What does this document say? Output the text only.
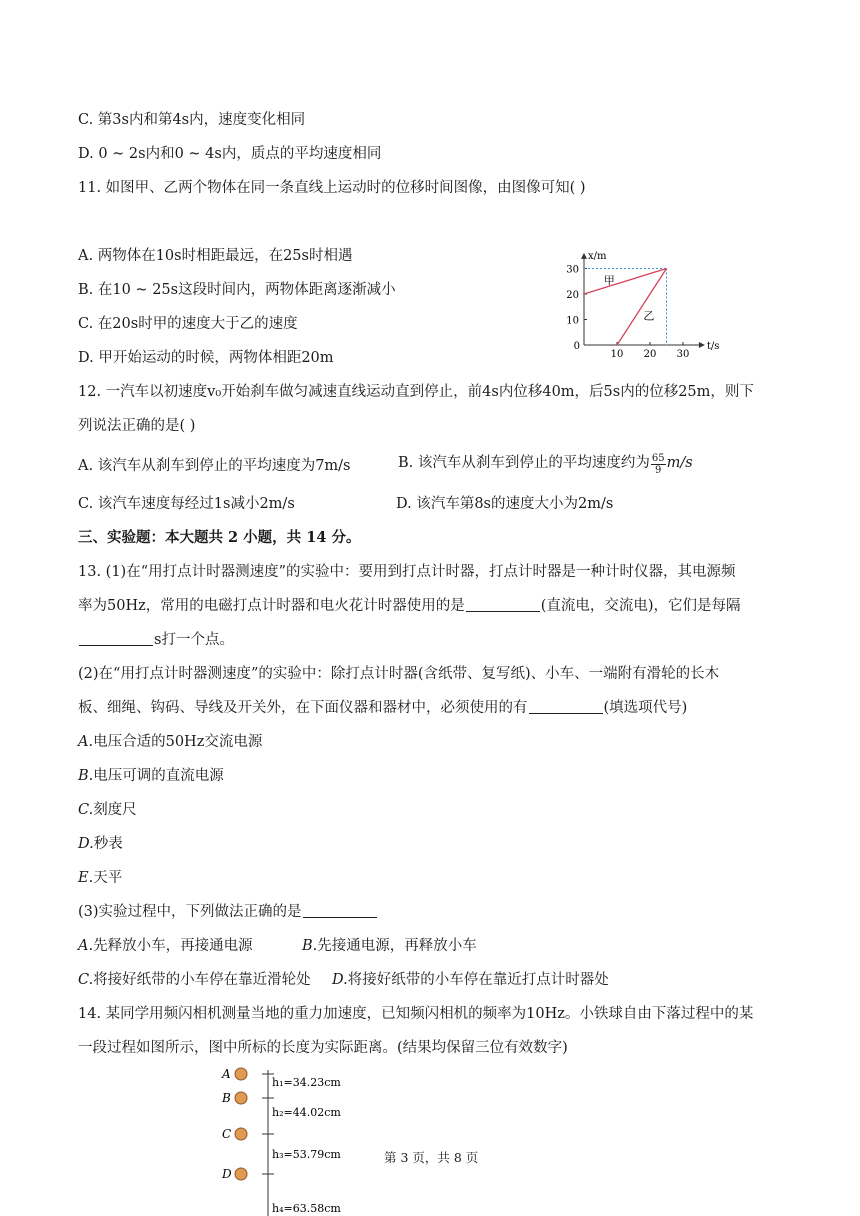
C. 第3s内和第4s内，速度变化相同
D. 0 ~ 2s内和0 ~ 4s内，质点的平均速度相同
11. 如图甲、乙两个物体在同一条直线上运动时的位移时间图像，由图像可知( )
A. 两物体在10s时相距最远，在25s时相遇
B. 在10 ~ 25s这段时间内，两物体距离逐渐减小
C. 在20s时甲的速度大于乙的速度
D. 甲开始运动的时候，两物体相距20m
12. 一汽车以初速度v₀开始刹车做匀减速直线运动直到停止，前4s内位移40m，后5s内的位移25m，则下
列说法正确的是( )
A. 该汽车从刹车到停止的平均速度为7m/s	B. 该汽车从刹车到停止的平均速度约为 $\frac{65}{9} m/s$
C. 该汽车速度每经过1s减小2m/s	D. 该汽车第8s的速度大小为2m/s
三、实验题：本大题共 2 小题，共 14 分。
13. (1)在“用打点计时器测速度”的实验中：要用到打点计时器，打点计时器是一种计时仪器，其电源频
率为50Hz，常用的电磁打点计时器和电火花计时器使用的是	(直流电，交流电)，它们是每隔
s打一个点。
(2)在“用打点计时器测速度”的实验中：除打点计时器(含纸带、复写纸)、小车、一端附有滑轮的长木
板、细绳、钩码、导线及开关外，在下面仪器和器材中，必须使用的有	(填选项代号)
A.电压合适的50Hz交流电源
B.电压可调的直流电源
C.刻度尺
D.秒表
E.天平
(3)实验过程中，下列做法正确的是
A.先释放小车，再接通电源	B.先接通电源，再释放小车
C.将接好纸带的小车停在靠近滑轮处 D.将接好纸带的小车停在靠近打点计时器处
14. 某同学用频闪相机测量当地的重力加速度，已知频闪相机的频率为10Hz。小铁球自由下落过程中的某
一段过程如图所示，图中所标的长度为实际距离。(结果均保留三位有效数字)
x/m
t/s
0
10 20 30
10
20
30
甲
乙
A
B
C
D
h₁=34.23cm
h₂=44.02cm
h₃=53.79cm
h₄=63.58cm
第 3 页，共 8 页
